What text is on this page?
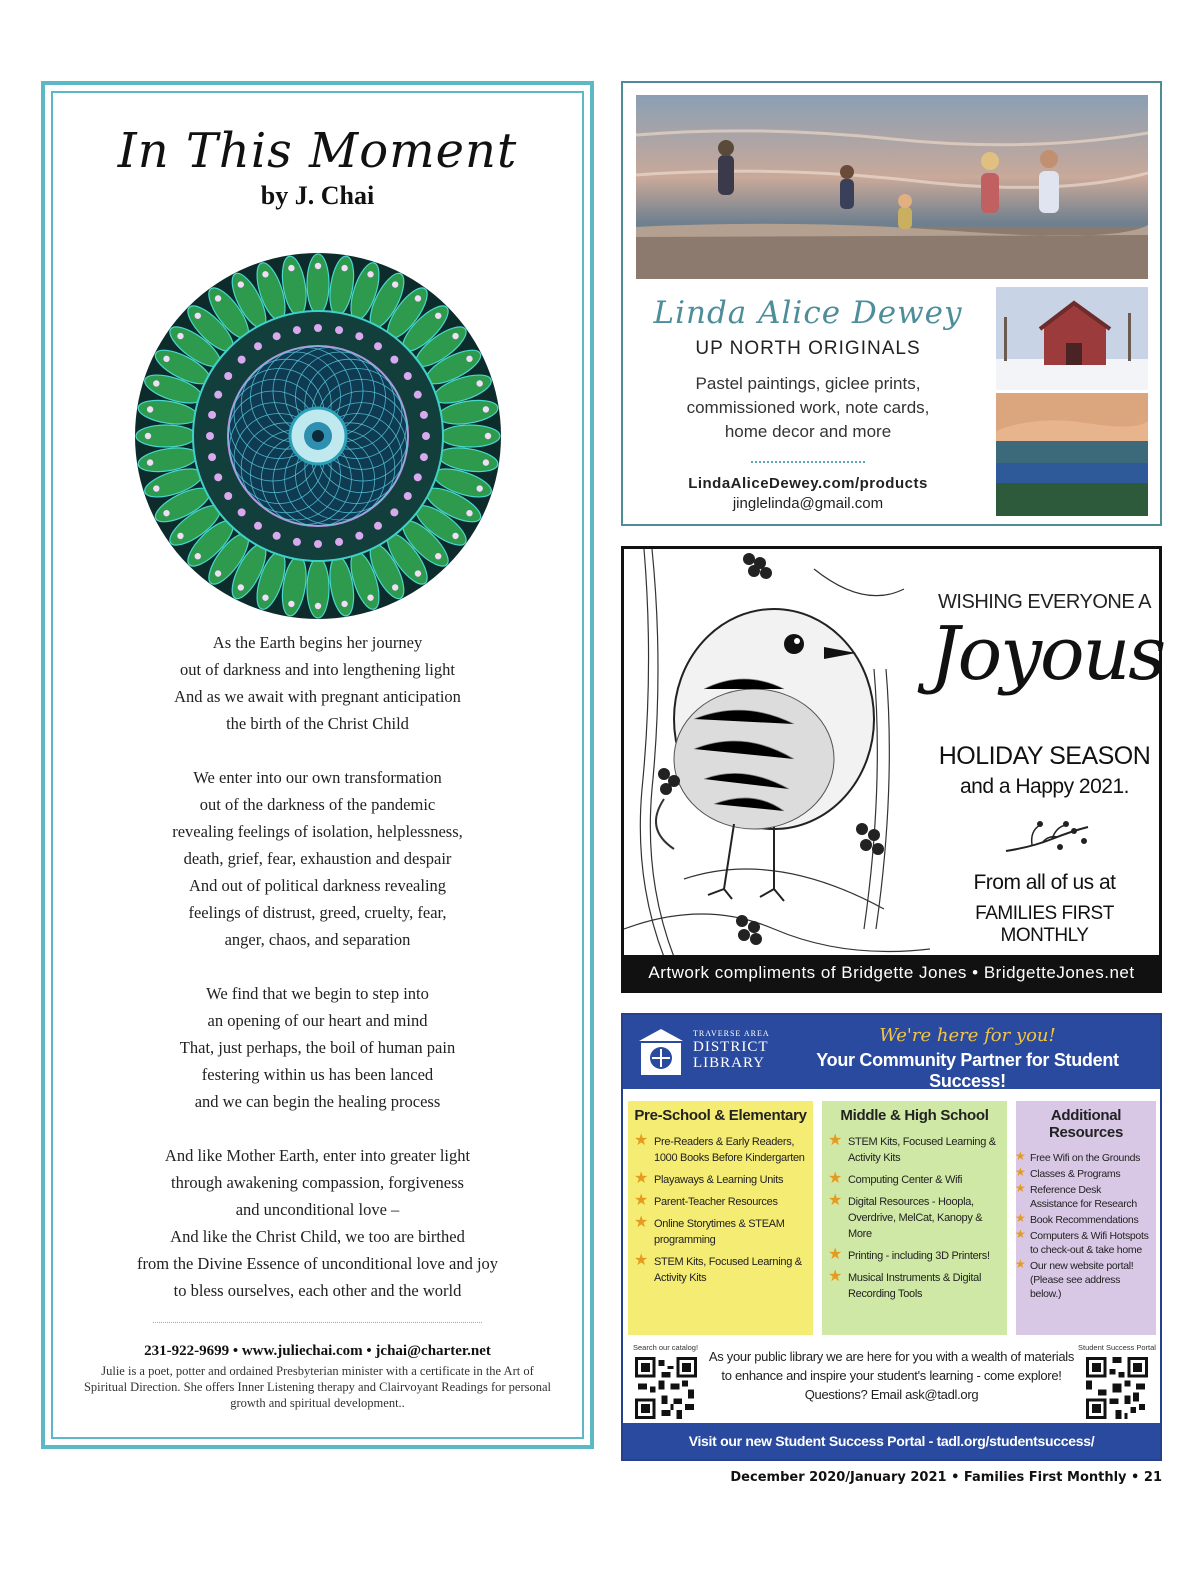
In This Moment
by J. Chai
As the Earth begins her journey
out of darkness and into lengthening light
And as we await with pregnant anticipation
the birth of the Christ Child
We enter into our own transformation
out of the darkness of the pandemic
revealing feelings of isolation, helplessness,
death, grief, fear, exhaustion and despair
And out of political darkness revealing
feelings of distrust, greed, cruelty, fear,
anger, chaos, and separation
We find that we begin to step into
an opening of our heart and mind
That, just perhaps, the boil of human pain
festering within us has been lanced
and we can begin the healing process
And like Mother Earth, enter into greater light
through awakening compassion, forgiveness
and unconditional love –
And like the Christ Child, we too are birthed
from the Divine Essence of unconditional love and joy
to bless ourselves, each other and the world
231-922-9699 • www.juliechai.com • jchai@charter.net
Julie is a poet, potter and ordained Presbyterian minister with a certificate in the Art of Spiritual Direction. She offers Inner Listening therapy and Clairvoyant Readings for personal growth and spiritual development..
Linda Alice Dewey
UP NORTH ORIGINALS
Pastel paintings, giclee prints,
commissioned work, note cards,
home decor and more
LindaAliceDewey.com/products
jinglelinda@gmail.com
WISHING EVERYONE A
Joyous
HOLIDAY SEASON
and a Happy 2021.
From all of us at
FAMILIES FIRST MONTHLY
Artwork compliments of Bridgette Jones • BridgetteJones.net
TRAVERSE AREA
DISTRICT
LIBRARY
We're here for you!
Your Community Partner for Student Success!
Pre-School & Elementary
★ Pre-Readers & Early Readers, 1000 Books Before Kindergarten
★ Playaways & Learning Units
★ Parent-Teacher Resources
★ Online Storytimes & STEAM programming
★ STEM Kits, Focused Learning & Activity Kits
Middle & High School
★ STEM Kits, Focused Learning & Activity Kits
★ Computing Center & Wifi
★ Digital Resources - Hoopla, Overdrive, MelCat, Kanopy & More
★ Printing - including 3D Printers!
★ Musical Instruments & Digital Recording Tools
Additional Resources
★ Free Wifi on the Grounds
★ Classes & Programs
★ Reference Desk Assistance for Research
★ Book Recommendations
★ Computers & Wifi Hotspots to check-out & take home
★ Our new website portal! (Please see address below.)
Search our catalog!
As your public library we are here for you with a wealth of materials to enhance and inspire your student's learning - come explore! Questions? Email ask@tadl.org
Student Success Portal
Visit our new Student Success Portal - tadl.org/studentsuccess/
December 2020/January 2021 • Families First Monthly • 21
